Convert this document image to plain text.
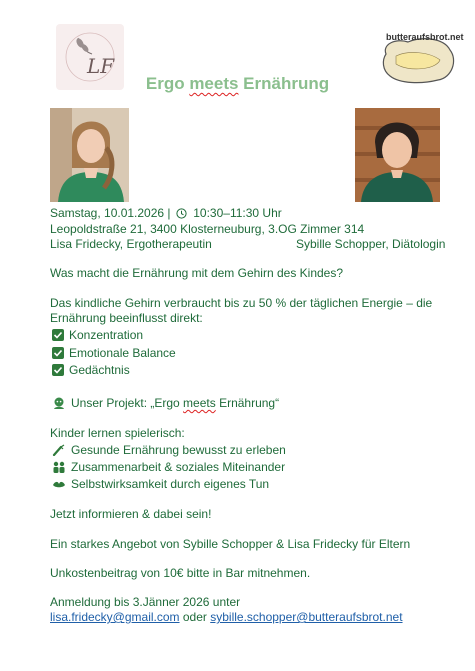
LF
butteraufsbrot.net
Ergo meets Ernährung
Samstag, 10.01.2026 | 10:30–11:30 Uhr
Leopoldstraße 21, 3400 Klosterneuburg, 3.OG Zimmer 314
Lisa Fridecky, Ergotherapeutin	Sybille Schopper, Diätologin
Was macht die Ernährung mit dem Gehirn des Kindes?
Das kindliche Gehirn verbraucht bis zu 50 % der täglichen Energie – die
Ernährung beeinflusst direkt:
Konzentration
Emotionale Balance
Gedächtnis
Unser Projekt: „Ergo meets Ernährung“
Kinder lernen spielerisch:
Gesunde Ernährung bewusst zu erleben
Zusammenarbeit & soziales Miteinander
Selbstwirksamkeit durch eigenes Tun
Jetzt informieren & dabei sein!
Ein starkes Angebot von Sybille Schopper & Lisa Fridecky für Eltern
Unkostenbeitrag von 10€ bitte in Bar mitnehmen.
Anmeldung bis 3.Jänner 2026 unter
lisa.fridecky@gmail.com oder sybille.schopper@butteraufsbrot.net
